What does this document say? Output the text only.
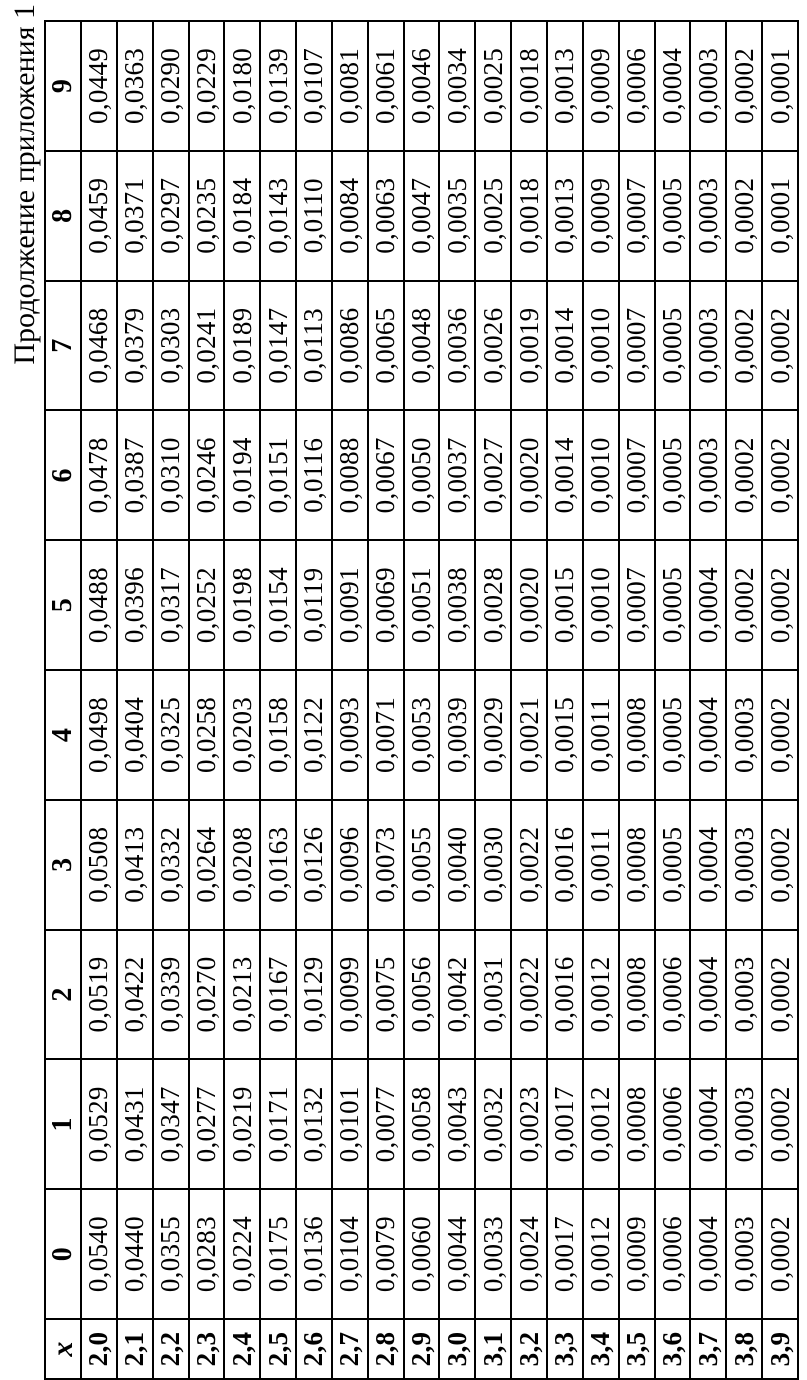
Продолжение приложения 1
x	0	1	2	3	4	5	6	7	8	9
2,0	0,0540	0,0529	0,0519	0,0508	0,0498	0,0488	0,0478	0,0468	0,0459	0,0449
2,1	0,0440	0,0431	0,0422	0,0413	0,0404	0,0396	0,0387	0,0379	0,0371	0,0363
2,2	0,0355	0,0347	0,0339	0,0332	0,0325	0,0317	0,0310	0,0303	0,0297	0,0290
2,3	0,0283	0,0277	0,0270	0,0264	0,0258	0,0252	0,0246	0,0241	0,0235	0,0229
2,4	0,0224	0,0219	0,0213	0,0208	0,0203	0,0198	0,0194	0,0189	0,0184	0,0180
2,5	0,0175	0,0171	0,0167	0,0163	0,0158	0,0154	0,0151	0,0147	0,0143	0,0139
2,6	0,0136	0,0132	0,0129	0,0126	0,0122	0,0119	0,0116	0,0113	0,0110	0,0107
2,7	0,0104	0,0101	0,0099	0,0096	0,0093	0,0091	0,0088	0,0086	0,0084	0,0081
2,8	0,0079	0,0077	0,0075	0,0073	0,0071	0,0069	0,0067	0,0065	0,0063	0,0061
2,9	0,0060	0,0058	0,0056	0,0055	0,0053	0,0051	0,0050	0,0048	0,0047	0,0046
3,0	0,0044	0,0043	0,0042	0,0040	0,0039	0,0038	0,0037	0,0036	0,0035	0,0034
3,1	0,0033	0,0032	0,0031	0,0030	0,0029	0,0028	0,0027	0,0026	0,0025	0,0025
3,2	0,0024	0,0023	0,0022	0,0022	0,0021	0,0020	0,0020	0,0019	0,0018	0,0018
3,3	0,0017	0,0017	0,0016	0,0016	0,0015	0,0015	0,0014	0,0014	0,0013	0,0013
3,4	0,0012	0,0012	0,0012	0,0011	0,0011	0,0010	0,0010	0,0010	0,0009	0,0009
3,5	0,0009	0,0008	0,0008	0,0008	0,0008	0,0007	0,0007	0,0007	0,0007	0,0006
3,6	0,0006	0,0006	0,0006	0,0005	0,0005	0,0005	0,0005	0,0005	0,0005	0,0004
3,7	0,0004	0,0004	0,0004	0,0004	0,0004	0,0004	0,0003	0,0003	0,0003	0,0003
3,8	0,0003	0,0003	0,0003	0,0003	0,0003	0,0002	0,0002	0,0002	0,0002	0,0002
3,9	0,0002	0,0002	0,0002	0,0002	0,0002	0,0002	0,0002	0,0002	0,0001	0,0001
